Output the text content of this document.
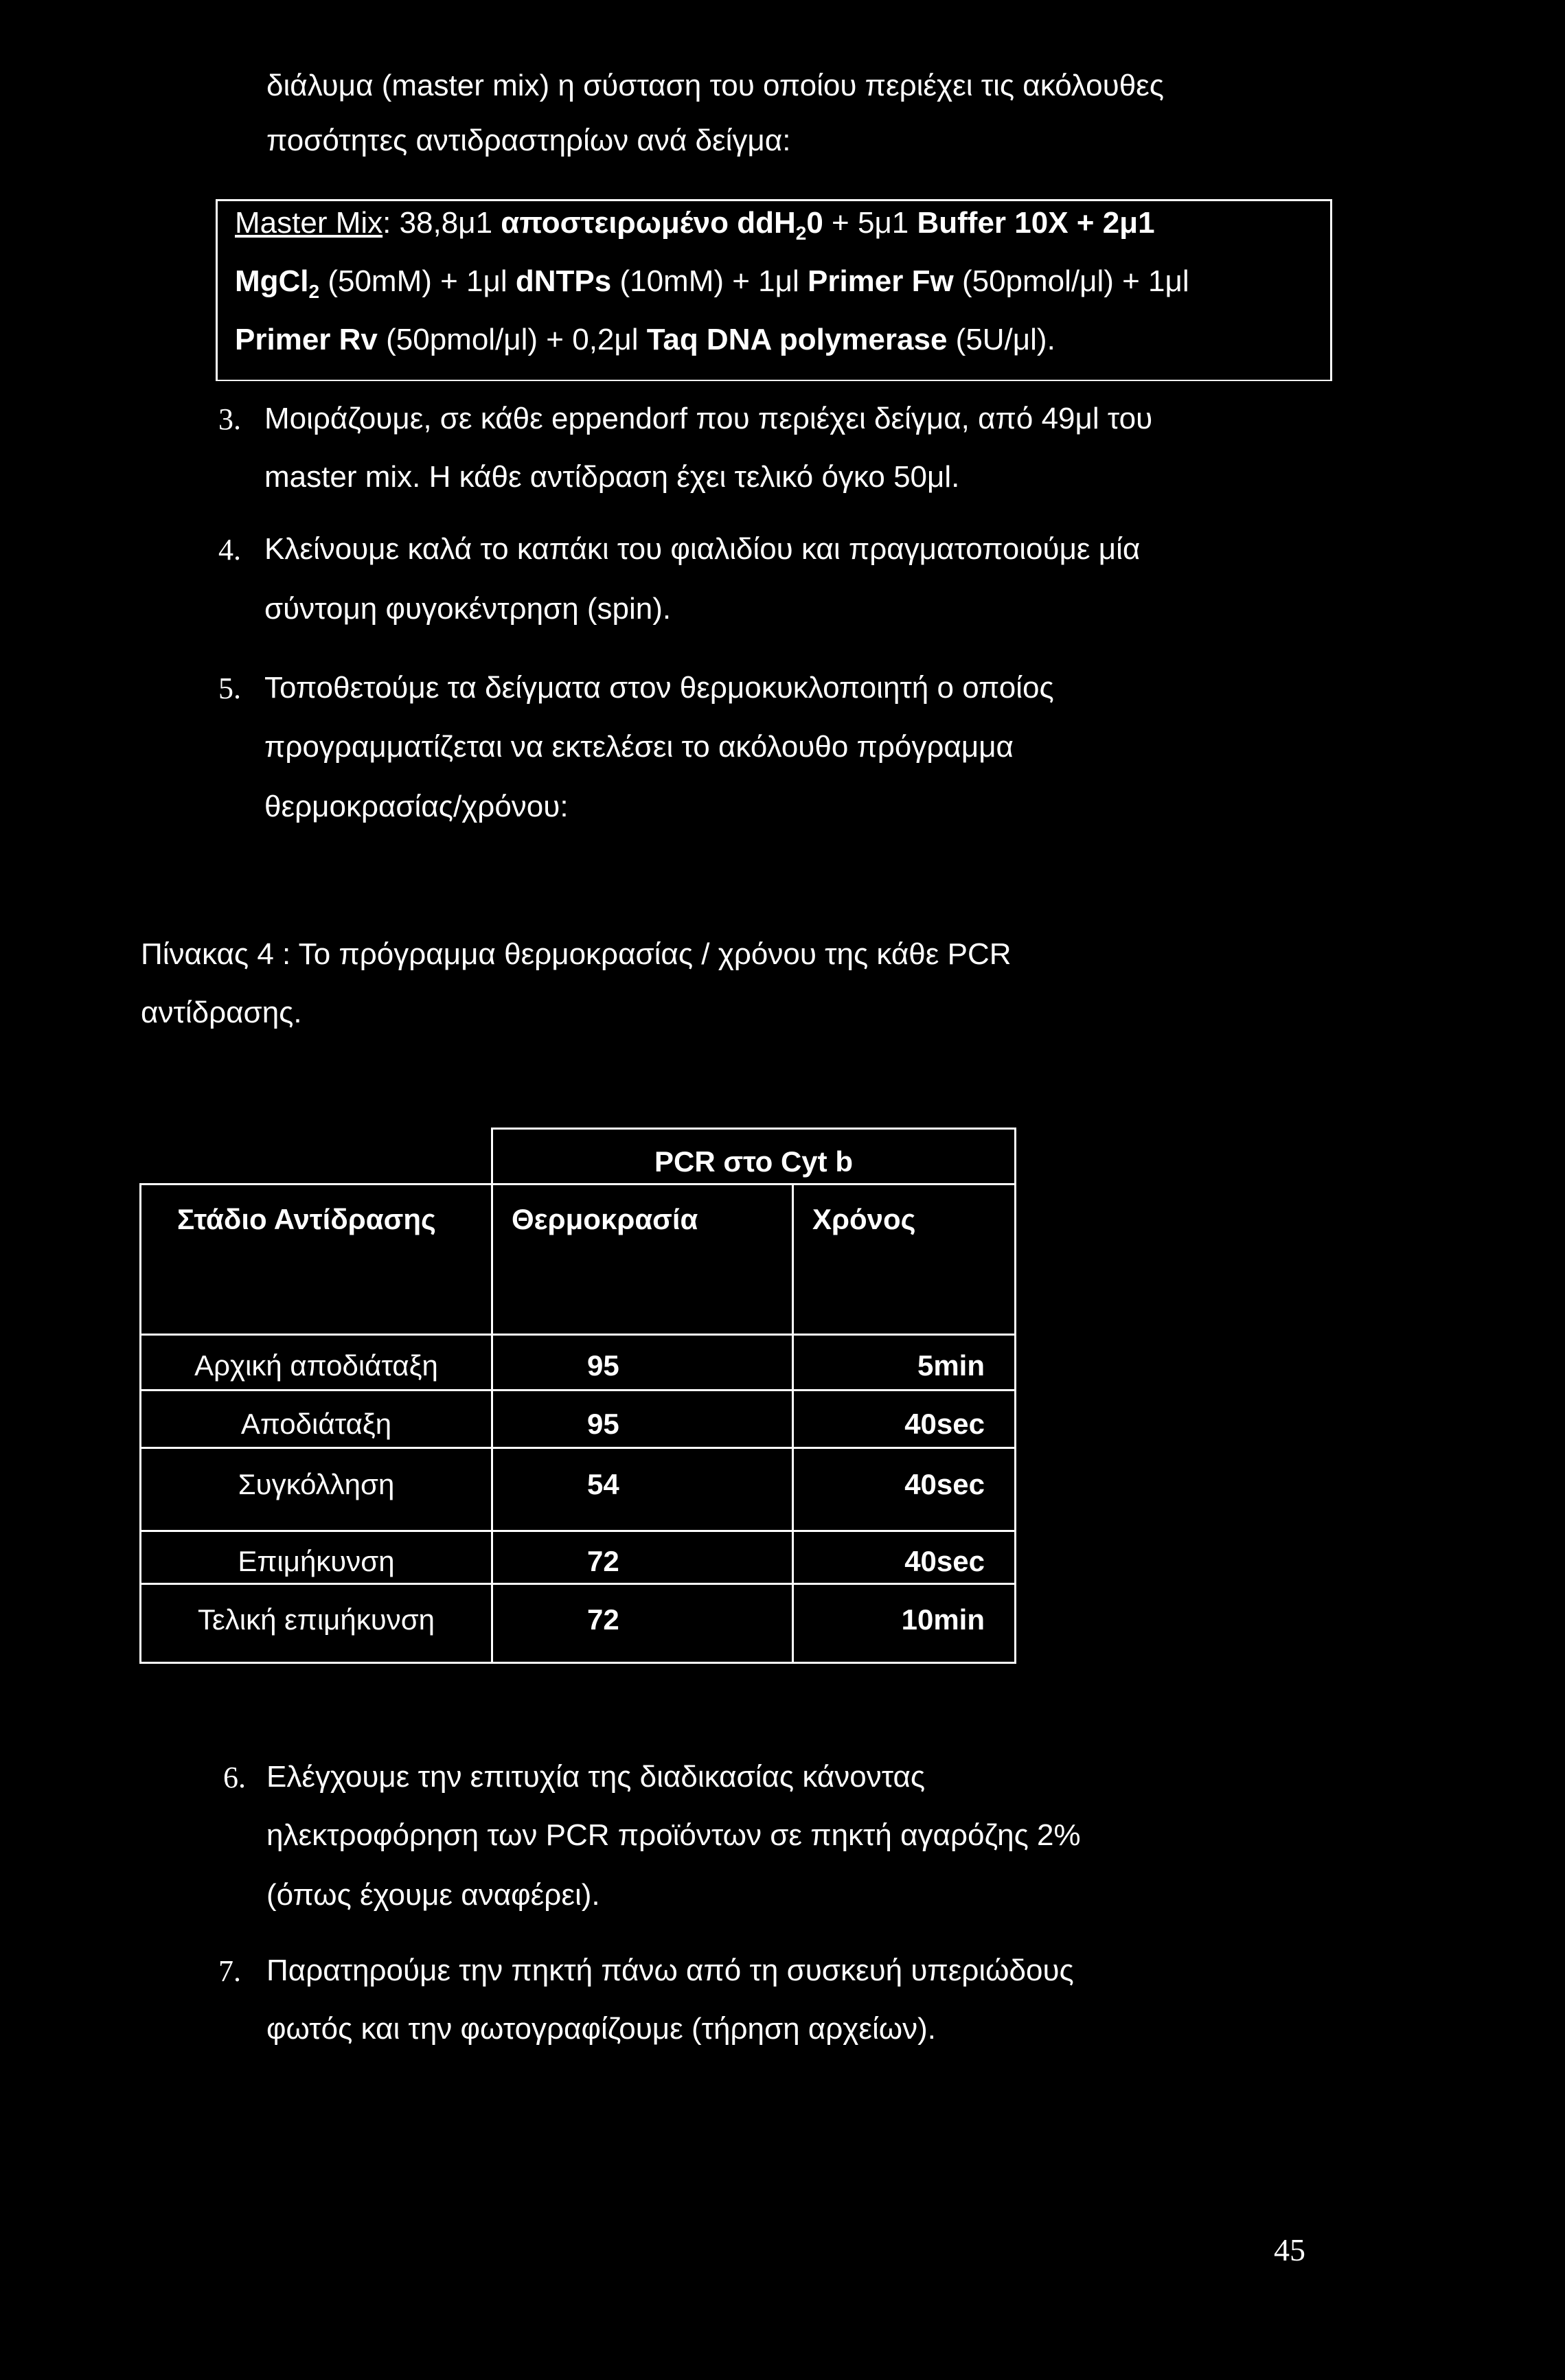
διάλυμα (master mix) η σύσταση του οποίου περιέχει τις ακόλουθες
ποσότητες αντιδραστηρίων ανά δείγμα:
Master Mix: 38,8μ1 αποστειρωμένο ddH$_2$0 + 5μ1 Buffer 10X + 2μ1
MgCl$_2$ (50mM) + 1μl dNTPs (10mM) + 1μl Primer Fw (50pmol/μl) + 1μl
Primer Rv (50pmol/μl) + 0,2μl Taq DNA polymerase (5U/μl).
3. Μοιράζουμε, σε κάθε eppendorf που περιέχει δείγμα, από 49μl του
master mix. Η κάθε αντίδραση έχει τελικό όγκο 50μl.
4. Κλείνουμε καλά το καπάκι του φιαλιδίου και πραγματοποιούμε μία
σύντομη φυγοκέντρηση (spin).
5. Τοποθετούμε τα δείγματα στον θερμοκυκλοποιητή ο οποίος
προγραμματίζεται να εκτελέσει το ακόλουθο πρόγραμμα
θερμοκρασίας/χρόνου:
Πίνακας 4 : Το πρόγραμμα θερμοκρασίας / χρόνου της κάθε PCR
αντίδρασης.
PCR στο Cyt b
Στάδιο Αντίδρασης	Θερμοκρασία	Χρόνος
Αρχική αποδιάταξη	95	5min
Αποδιάταξη	95	40sec
Συγκόλληση	54	40sec
Επιμήκυνση	72	40sec
Τελική επιμήκυνση	72	10min
6. Ελέγχουμε την επιτυχία της διαδικασίας κάνοντας
ηλεκτροφόρηση των PCR προϊόντων σε πηκτή αγαρόζης 2%
(όπως έχουμε αναφέρει).
7. Παρατηρούμε την πηκτή πάνω από τη συσκευή υπεριώδους
φωτός και την φωτογραφίζουμε (τήρηση αρχείων).
45
